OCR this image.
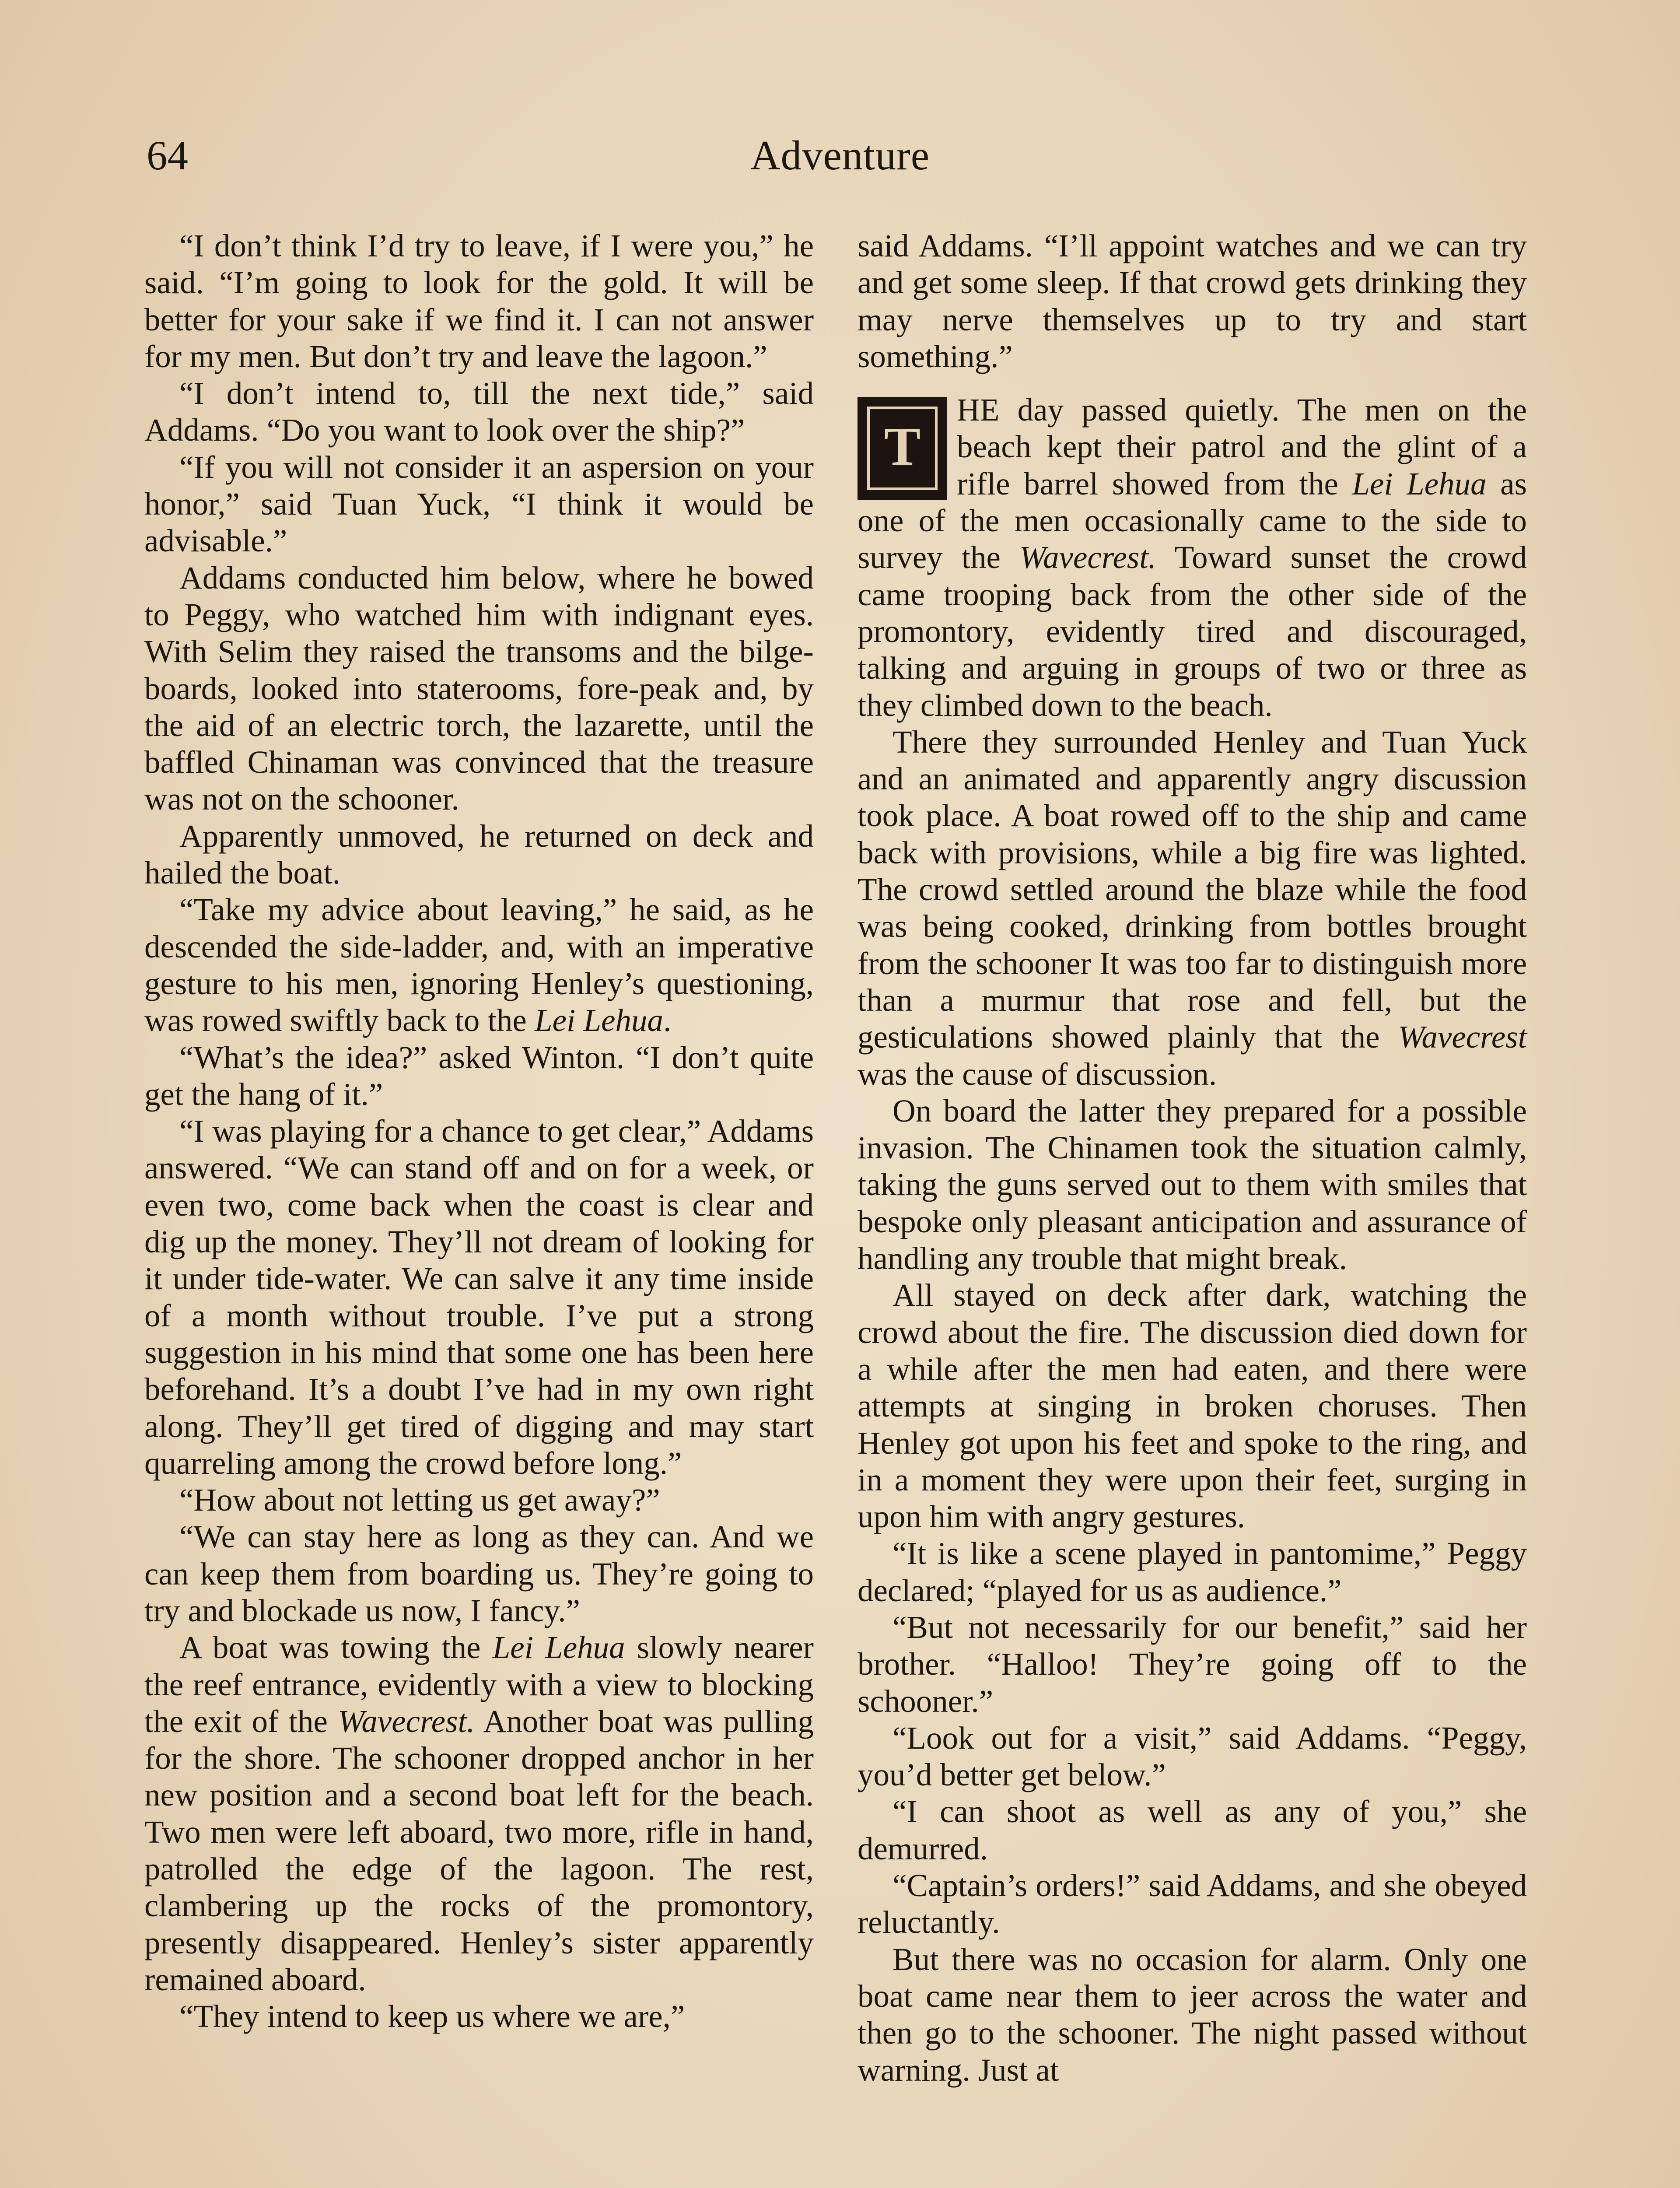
64	Adventure

“I don’t think I’d try to leave, if I were you,” he said. “I’m going to look for the gold. It will be better for your sake if we find it. I can not answer for my men. But don’t try and leave the lagoon.”

“I don’t intend to, till the next tide,” said Addams. “Do you want to look over the ship?”

“If you will not consider it an aspersion on your honor,” said Tuan Yuck, “I think it would be advisable.”

Addams conducted him below, where he bowed to Peggy, who watched him with indignant eyes. With Selim they raised the transoms and the bilge-boards, looked into staterooms, fore-peak and, by the aid of an electric torch, the lazarette, until the baffled Chinaman was convinced that the treasure was not on the schooner.

Apparently unmoved, he returned on deck and hailed the boat.

“Take my advice about leaving,” he said, as he descended the side-ladder, and, with an imperative gesture to his men, ignoring Henley’s questioning, was rowed swiftly back to the Lei Lehua.

“What’s the idea?” asked Winton. “I don’t quite get the hang of it.”

“I was playing for a chance to get clear,” Addams answered. “We can stand off and on for a week, or even two, come back when the coast is clear and dig up the money. They’ll not dream of looking for it under tide-water. We can salve it any time inside of a month without trouble. I’ve put a strong suggestion in his mind that some one has been here beforehand. It’s a doubt I’ve had in my own right along. They’ll get tired of digging and may start quarreling among the crowd before long.”

“How about not letting us get away?”

“We can stay here as long as they can. And we can keep them from boarding us. They’re going to try and blockade us now, I fancy.”

A boat was towing the Lei Lehua slowly nearer the reef entrance, evidently with a view to blocking the exit of the Wavecrest. Another boat was pulling for the shore. The schooner dropped anchor in her new position and a second boat left for the beach. Two men were left aboard, two more, rifle in hand, patrolled the edge of the lagoon. The rest, clambering up the rocks of the promontory, presently disappeared. Henley’s sister apparently remained aboard.

“They intend to keep us where we are,”

said Addams. “I’ll appoint watches and we can try and get some sleep. If that crowd gets drinking they may nerve themselves up to try and start something.”

T

HE day passed quietly. The men on the beach kept their patrol and the glint of a rifle barrel showed from the Lei Lehua as one of the men occasionally came to the side to survey the Wavecrest. Toward sunset the crowd came trooping back from the other side of the promontory, evidently tired and discouraged, talking and arguing in groups of two or three as they climbed down to the beach.

There they surrounded Henley and Tuan Yuck and an animated and apparently angry discussion took place. A boat rowed off to the ship and came back with provisions, while a big fire was lighted. The crowd settled around the blaze while the food was being cooked, drinking from bottles brought from the schooner It was too far to distinguish more than a murmur that rose and fell, but the gesticulations showed plainly that the Wavecrest was the cause of discussion.

On board the latter they prepared for a possible invasion. The Chinamen took the situation calmly, taking the guns served out to them with smiles that bespoke only pleasant anticipation and assurance of handling any trouble that might break.

All stayed on deck after dark, watching the crowd about the fire. The discussion died down for a while after the men had eaten, and there were attempts at singing in broken choruses. Then Henley got upon his feet and spoke to the ring, and in a moment they were upon their feet, surging in upon him with angry gestures.

“It is like a scene played in pantomime,” Peggy declared; “played for us as audience.”

“But not necessarily for our benefit,” said her brother. “Halloo! They’re going off to the schooner.”

“Look out for a visit,” said Addams. “Peggy, you’d better get below.”

“I can shoot as well as any of you,” she demurred.

“Captain’s orders!” said Addams, and she obeyed reluctantly.

But there was no occasion for alarm. Only one boat came near them to jeer across the water and then go to the schooner. The night passed without warning. Just at
